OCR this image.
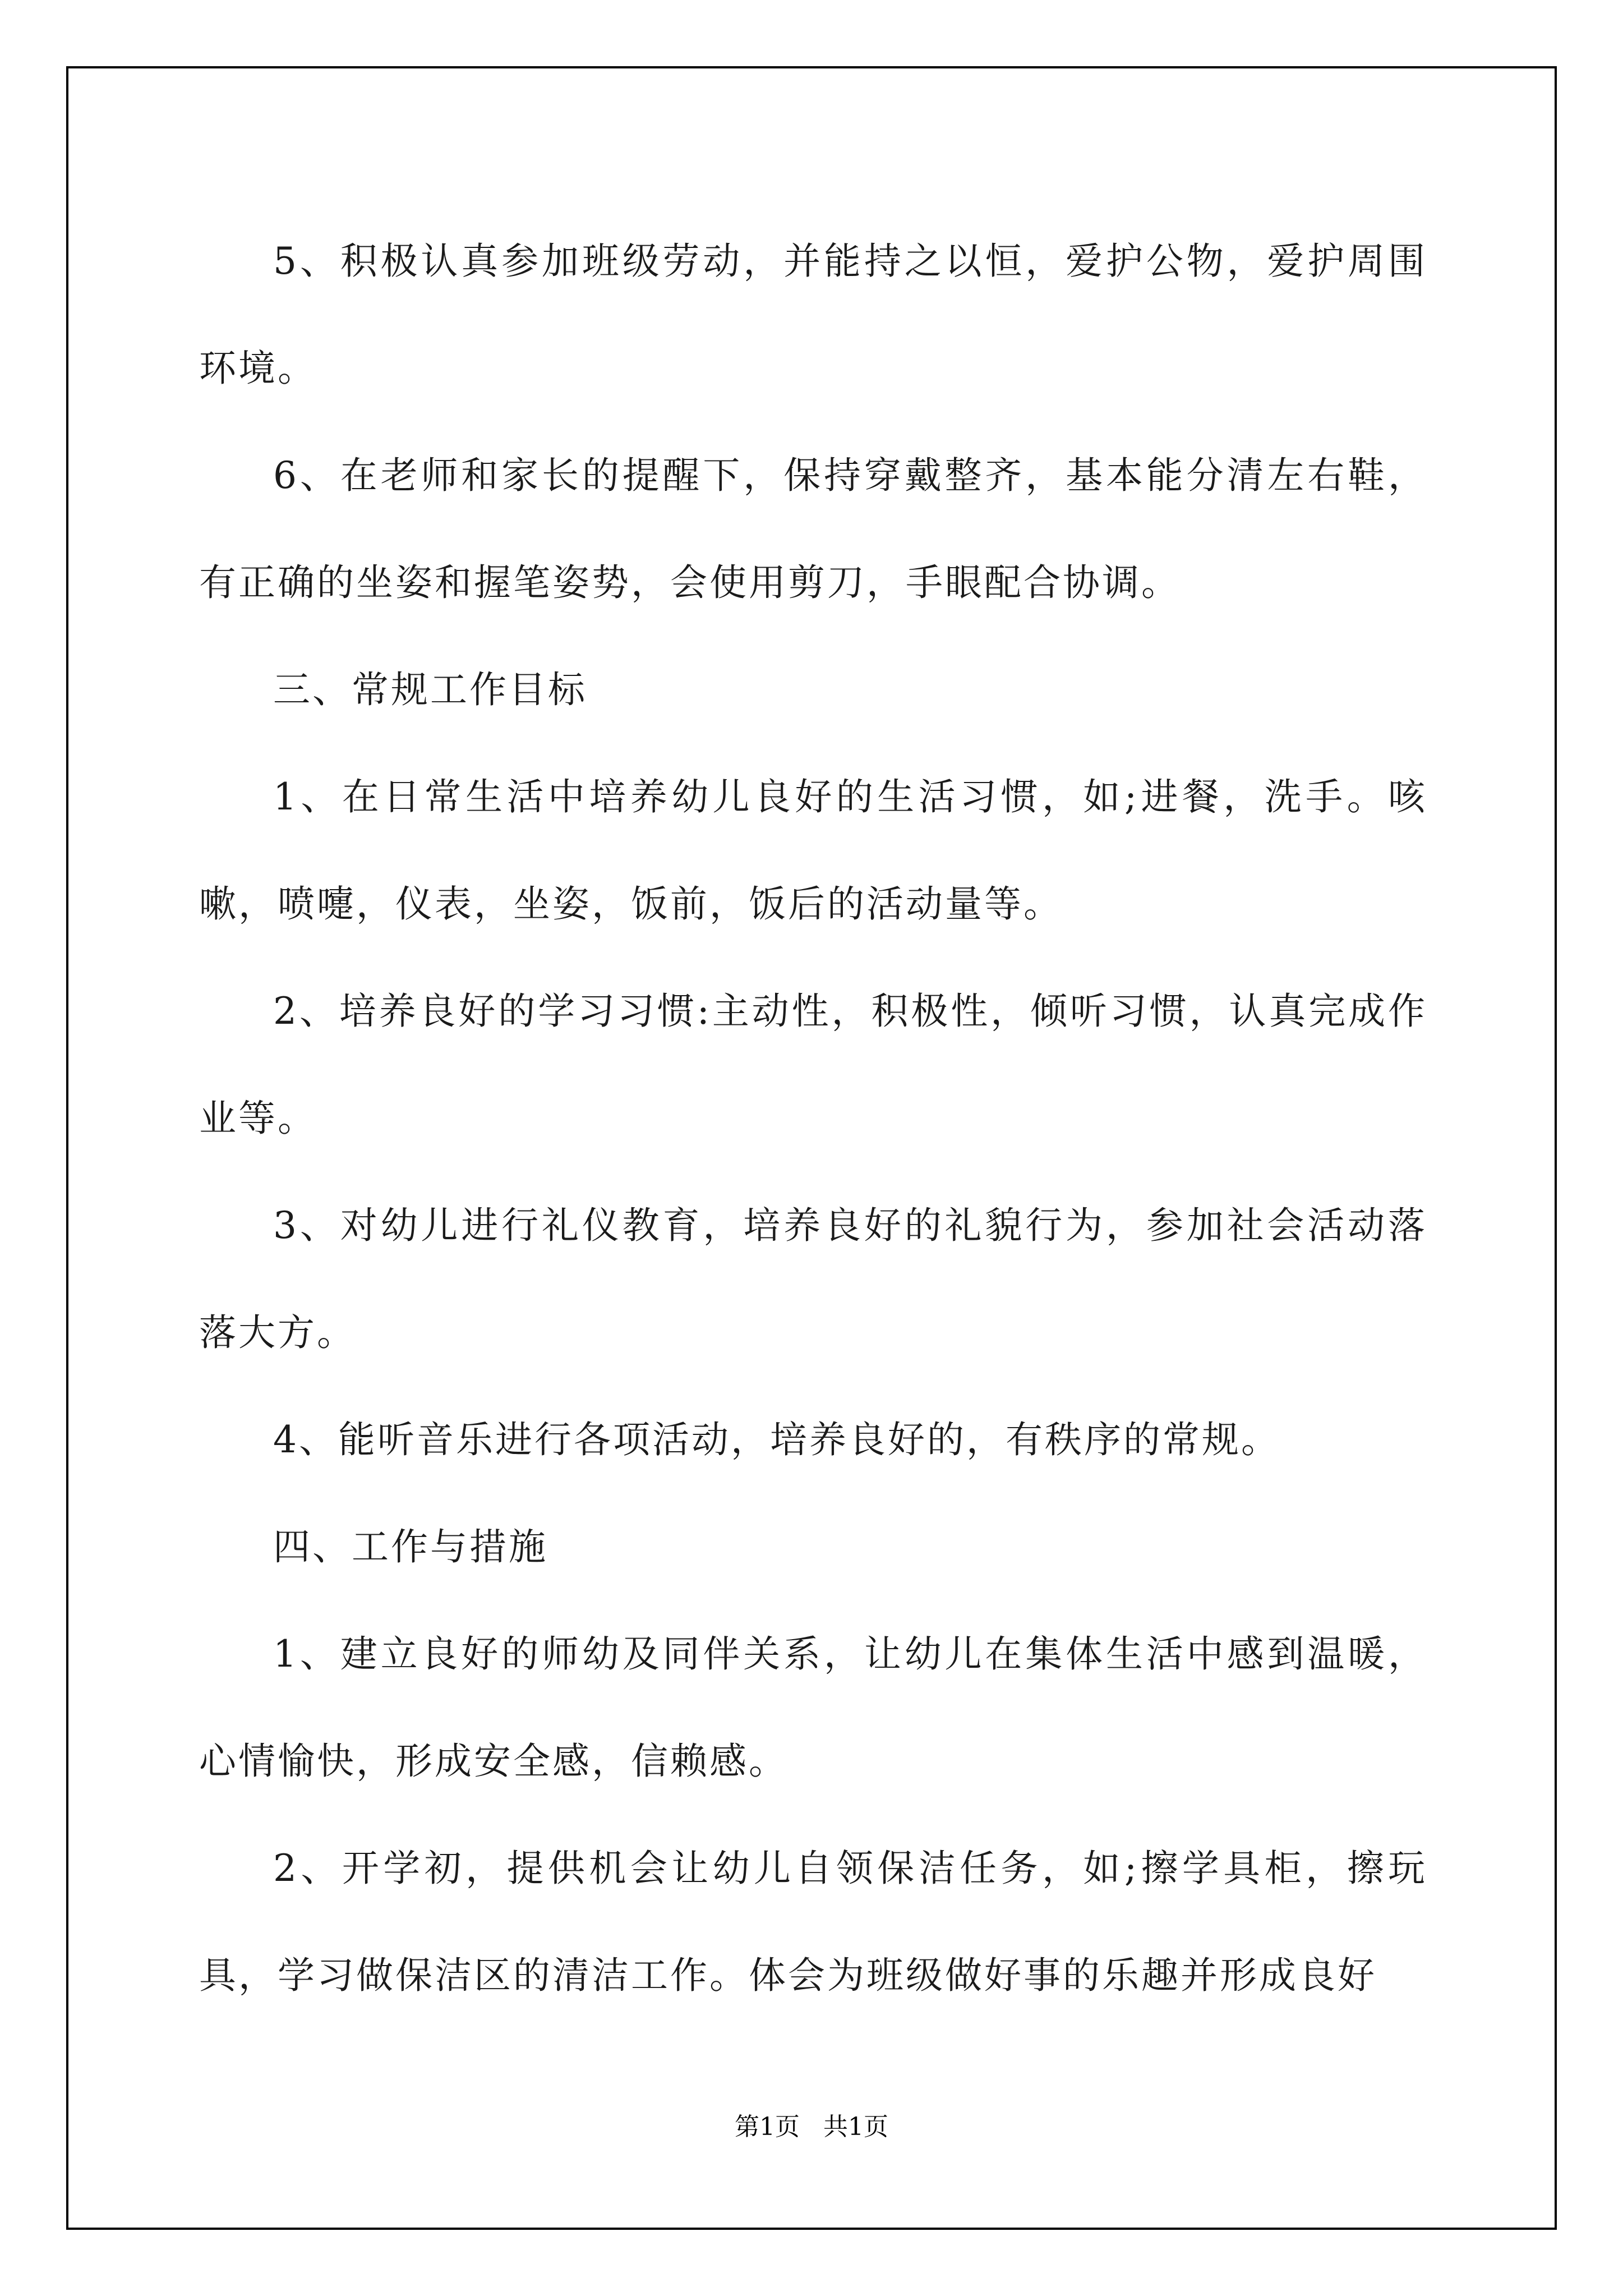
5、积极认真参加班级劳动，并能持之以恒，爱护公物，爱护周围环境。

6、在老师和家长的提醒下，保持穿戴整齐，基本能分清左右鞋，有正确的坐姿和握笔姿势，会使用剪刀，手眼配合协调。

三、常规工作目标

1、在日常生活中培养幼儿良好的生活习惯，如;进餐，洗手。咳嗽，喷嚏，仪表，坐姿，饭前，饭后的活动量等。

2、培养良好的学习习惯:主动性，积极性，倾听习惯，认真完成作业等。

3、对幼儿进行礼仪教育，培养良好的礼貌行为，参加社会活动落落大方。

4、能听音乐进行各项活动，培养良好的，有秩序的常规。

四、工作与措施

1、建立良好的师幼及同伴关系，让幼儿在集体生活中感到温暖，心情愉快，形成安全感，信赖感。

2、开学初，提供机会让幼儿自领保洁任务，如;擦学具柜，擦玩具，学习做保洁区的清洁工作。体会为班级做好事的乐趣并形成良好

第1页   共1页
